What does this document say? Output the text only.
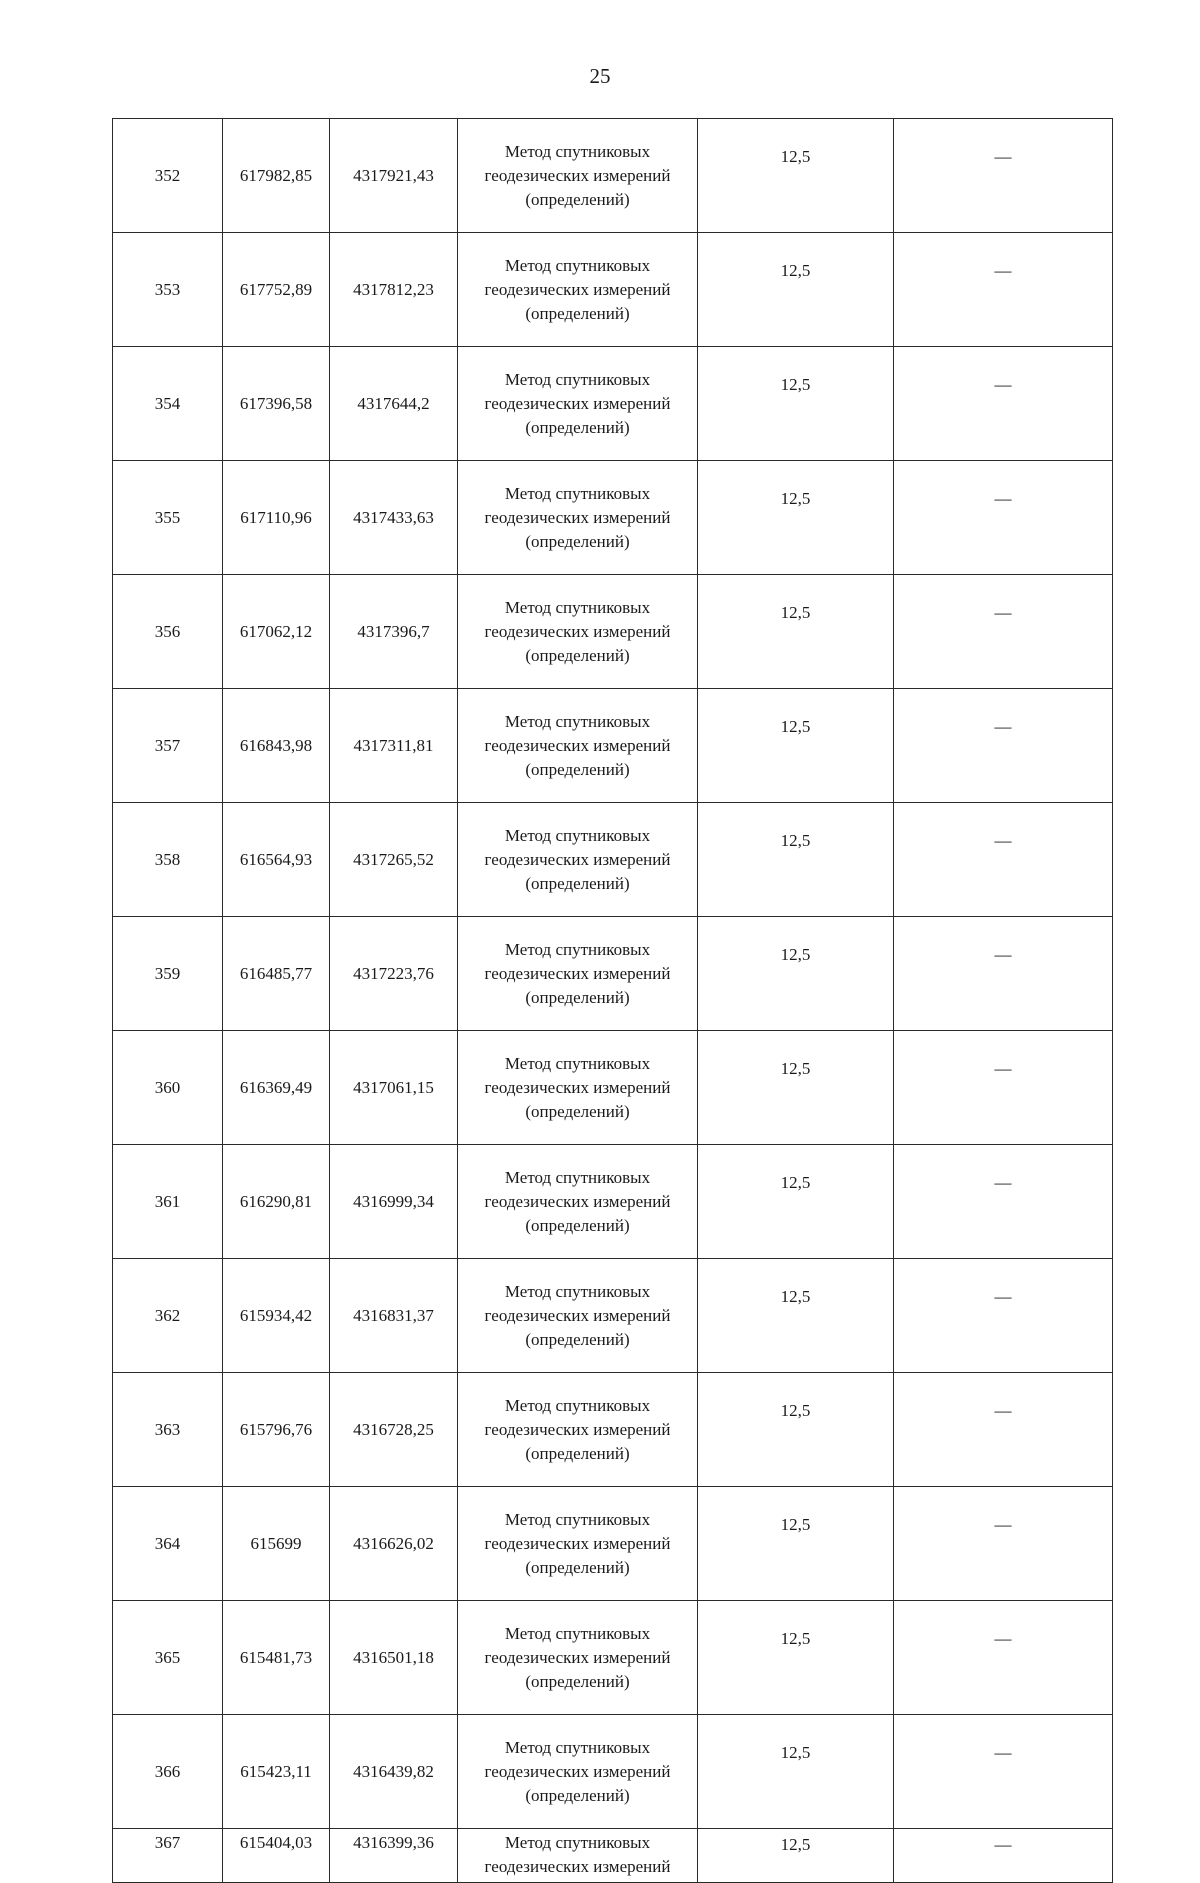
25
352	617982,85	4317921,43	Метод спутниковых
геодезических измерений
(определений)	12,5	—
353	617752,89	4317812,23	Метод спутниковых
геодезических измерений
(определений)	12,5	—
354	617396,58	4317644,2	Метод спутниковых
геодезических измерений
(определений)	12,5	—
355	617110,96	4317433,63	Метод спутниковых
геодезических измерений
(определений)	12,5	—
356	617062,12	4317396,7	Метод спутниковых
геодезических измерений
(определений)	12,5	—
357	616843,98	4317311,81	Метод спутниковых
геодезических измерений
(определений)	12,5	—
358	616564,93	4317265,52	Метод спутниковых
геодезических измерений
(определений)	12,5	—
359	616485,77	4317223,76	Метод спутниковых
геодезических измерений
(определений)	12,5	—
360	616369,49	4317061,15	Метод спутниковых
геодезических измерений
(определений)	12,5	—
361	616290,81	4316999,34	Метод спутниковых
геодезических измерений
(определений)	12,5	—
362	615934,42	4316831,37	Метод спутниковых
геодезических измерений
(определений)	12,5	—
363	615796,76	4316728,25	Метод спутниковых
геодезических измерений
(определений)	12,5	—
364	615699	4316626,02	Метод спутниковых
геодезических измерений
(определений)	12,5	—
365	615481,73	4316501,18	Метод спутниковых
геодезических измерений
(определений)	12,5	—
366	615423,11	4316439,82	Метод спутниковых
геодезических измерений
(определений)	12,5	—
367	615404,03	4316399,36	Метод спутниковых
геодезических измерений	12,5	—
